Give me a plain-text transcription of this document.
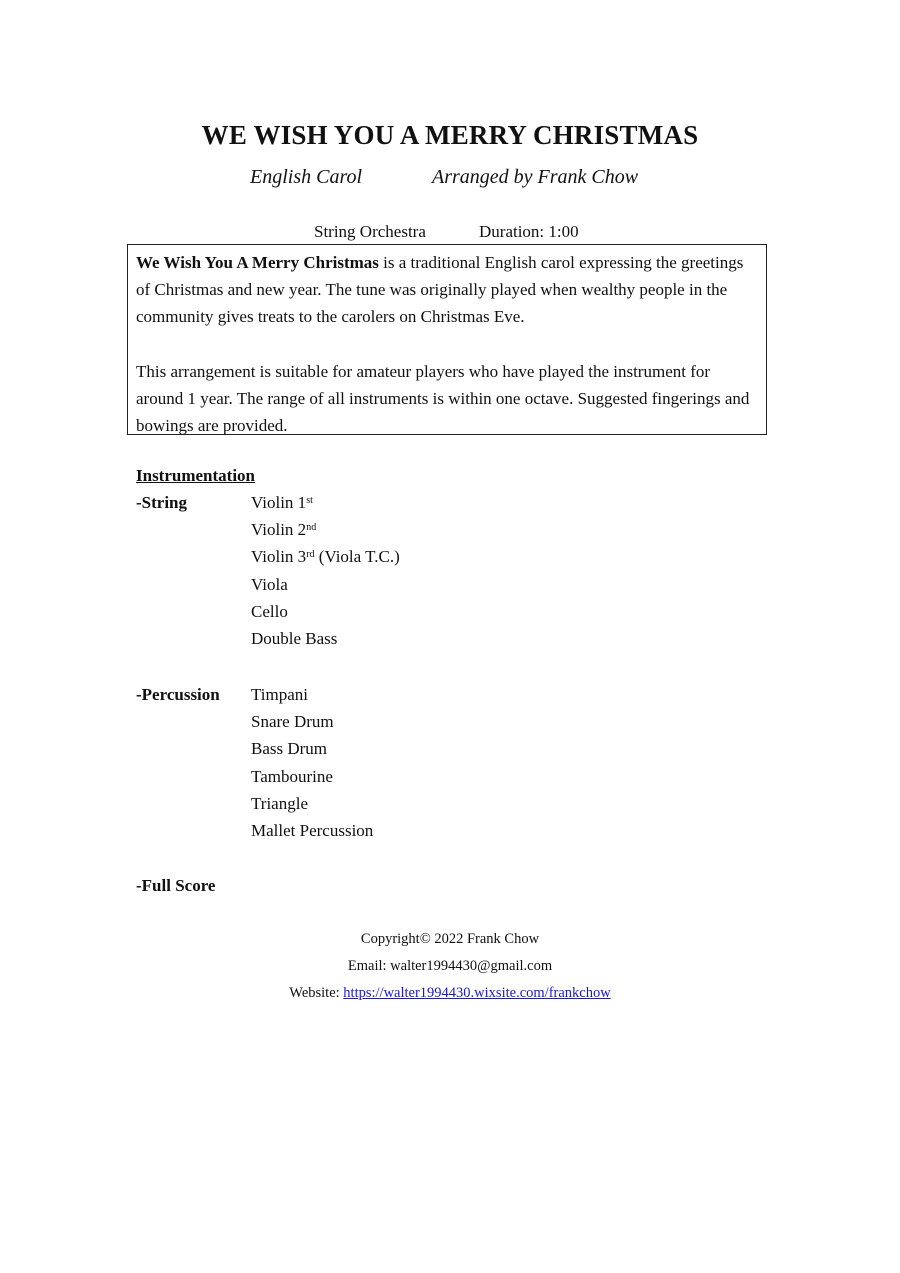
WE WISH YOU A MERRY CHRISTMAS
English Carol	Arranged by Frank Chow
String Orchestra	Duration: 1:00

We Wish You A Merry Christmas is a traditional English carol expressing the greetings of Christmas and new year. The tune was originally played when wealthy people in the community gives treats to the carolers on Christmas Eve.

This arrangement is suitable for amateur players who have played the instrument for around 1 year. The range of all instruments is within one octave. Suggested fingerings and bowings are provided.

Instrumentation
-String	Violin 1st
Violin 2nd
Violin 3rd (Viola T.C.)
Viola
Cello
Double Bass
-Percussion Timpani
Snare Drum
Bass Drum
Tambourine
Triangle
Mallet Percussion
-Full Score
Copyright© 2022 Frank Chow
Email: walter1994430@gmail.com
Website: https://walter1994430.wixsite.com/frankchow
